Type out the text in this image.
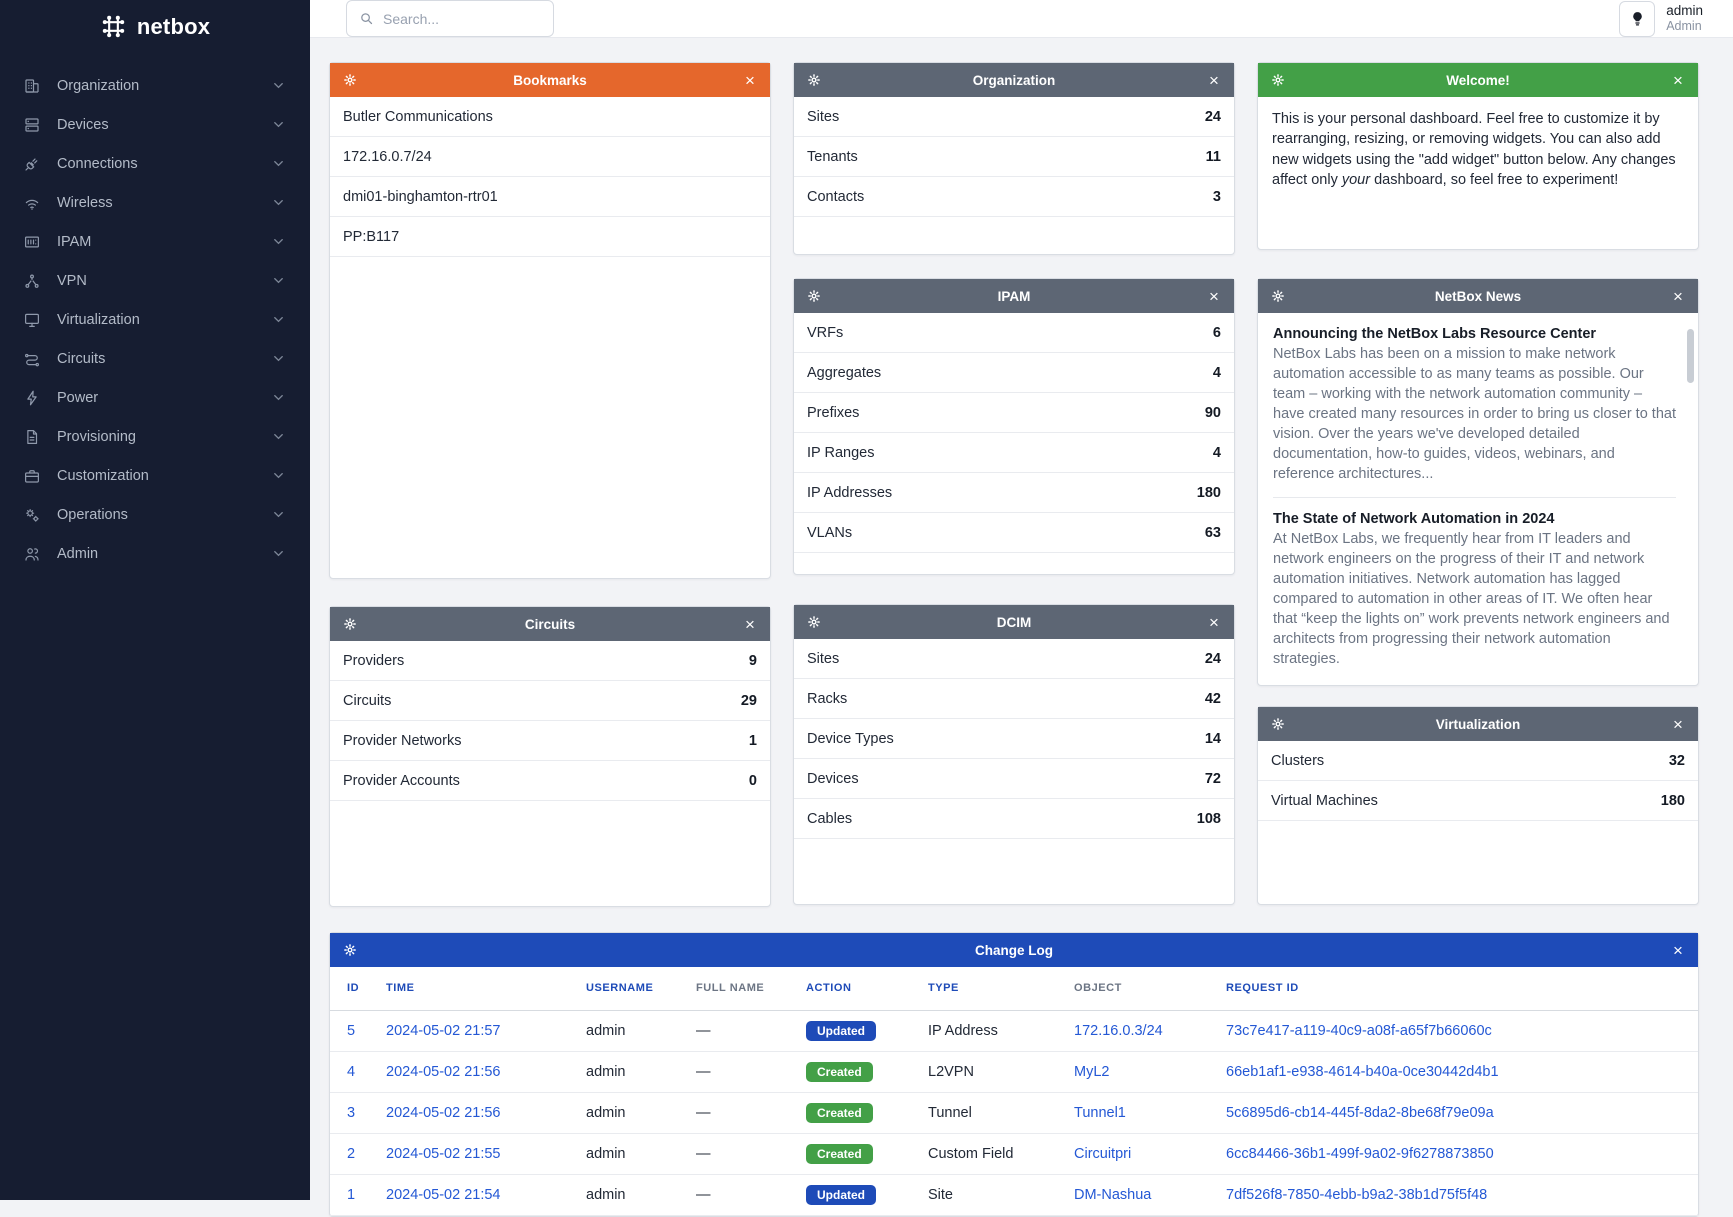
netbox
Organization
Devices
Connections
Wireless
IPAM
VPN
Virtualization
Circuits
Power
Provisioning
Customization
Operations
Admin
Search...
admin
Admin
Bookmarks	×
Butler Communications
172.16.0.7/24
dmi01-binghamton-rtr01
PP:B117
Circuits	×
Providers	9
Circuits	29
Provider Networks	1
Provider Accounts	0
Organization	×
Sites	24
Tenants	11
Contacts	3
IPAM	×
VRFs	6
Aggregates	4
Prefixes	90
IP Ranges	4
IP Addresses	180
VLANs	63
DCIM	×
Sites	24
Racks	42
Device Types	14
Devices	72
Cables	108
Welcome!	×
This is your personal dashboard. Feel free to customize it by rearranging, resizing, or removing widgets. You can also add new widgets using the "add widget" button below. Any changes affect only your dashboard, so feel free to experiment!
NetBox News	×
Announcing the NetBox Labs Resource Center
NetBox Labs has been on a mission to make network automation accessible to as many teams as possible. Our team – working with the network automation community – have created many resources in order to bring us closer to that vision. Over the years we've developed detailed documentation, how-to guides, videos, webinars, and reference architectures...
The State of Network Automation in 2024
At NetBox Labs, we frequently hear from IT leaders and network engineers on the progress of their IT and network automation initiatives. Network automation has lagged compared to automation in other areas of IT. We often hear that “keep the lights on” work prevents network engineers and architects from progressing their network automation strategies.
Virtualization	×
Clusters	32
Virtual Machines	180
Change Log	×
ID	TIME	USERNAME	FULL NAME	ACTION	TYPE	OBJECT	REQUEST ID
5	2024-05-02 21:57	admin	—	Updated	IP Address	172.16.0.3/24	73c7e417-a119-40c9-a08f-a65f7b66060c
4	2024-05-02 21:56	admin	—	Created	L2VPN	MyL2	66eb1af1-e938-4614-b40a-0ce30442d4b1
3	2024-05-02 21:56	admin	—	Created	Tunnel	Tunnel1	5c6895d6-cb14-445f-8da2-8be68f79e09a
2	2024-05-02 21:55	admin	—	Created	Custom Field	Circuitpri	6cc84466-36b1-499f-9a02-9f6278873850
1	2024-05-02 21:54	admin	—	Updated	Site	DM-Nashua	7df526f8-7850-4ebb-b9a2-38b1d75f5f48
